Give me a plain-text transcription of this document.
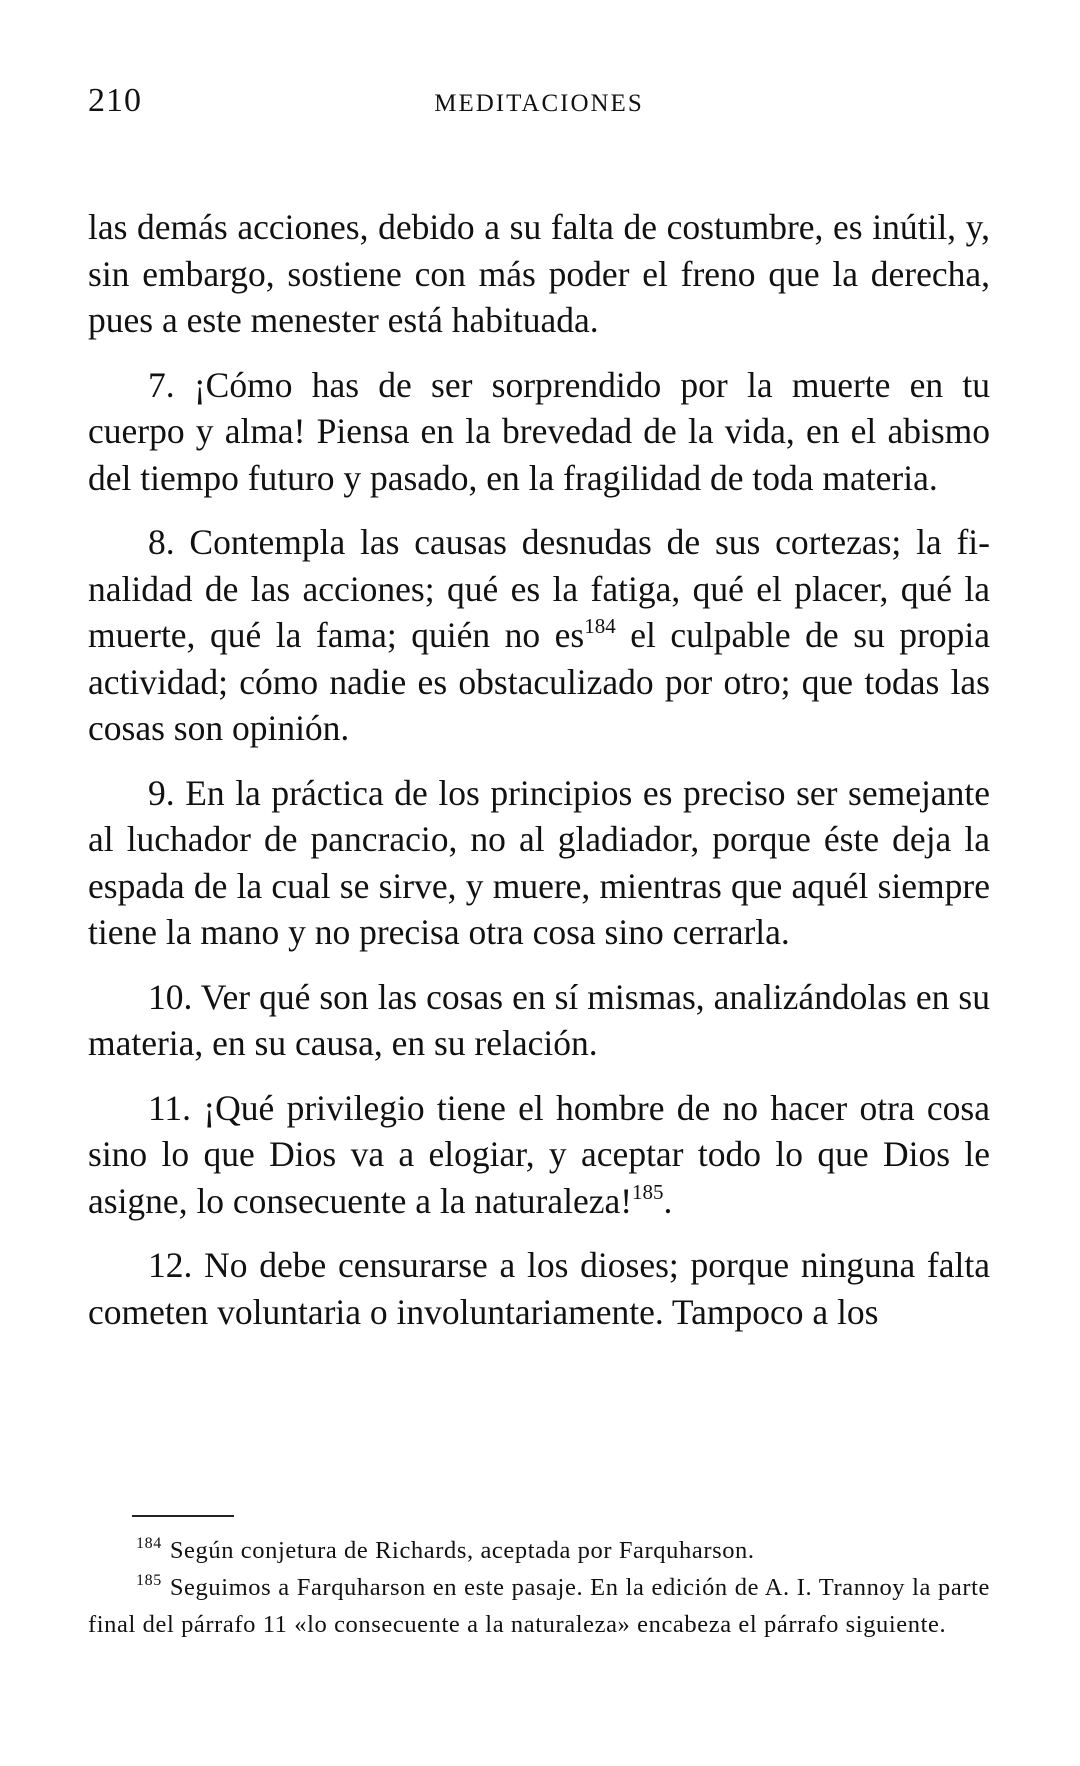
210	MEDITACIONES

las demás acciones, debido a su falta de costumbre, es inútil, y, sin embargo, sostiene con más poder el freno que la derecha, pues a este menester está habituada.

7. ¡Cómo has de ser sorprendido por la muerte en tu cuerpo y alma! Piensa en la brevedad de la vida, en el abismo del tiempo futuro y pasado, en la fragilidad de toda materia.

8. Contempla las causas desnudas de sus cortezas; la finalidad de las acciones; qué es la fatiga, qué el placer, qué la muerte, qué la fama; quién no es$^{184}$ el culpable de su propia actividad; cómo nadie es obstaculizado por otro; que todas las cosas son opinión.

9. En la práctica de los principios es preciso ser semejante al luchador de pancracio, no al gladiador, porque éste deja la espada de la cual se sirve, y muere, mientras que aquél siempre tiene la mano y no precisa otra cosa sino cerrarla.

10. Ver qué son las cosas en sí mismas, analizándolas en su materia, en su causa, en su relación.

11. ¡Qué privilegio tiene el hombre de no hacer otra cosa sino lo que Dios va a elogiar, y aceptar todo lo que Dios le asigne, lo consecuente a la naturaleza!$^{185}$.

12. No debe censurarse a los dioses; porque ninguna falta cometen voluntaria o involuntariamente. Tampoco a los

$^{184}$ Según conjetura de Richards, aceptada por Farquharson.

$^{185}$ Seguimos a Farquharson en este pasaje. En la edición de A. I. Trannoy la parte final del párrafo 11 «lo consecuente a la naturaleza» encabeza el párrafo siguiente.
